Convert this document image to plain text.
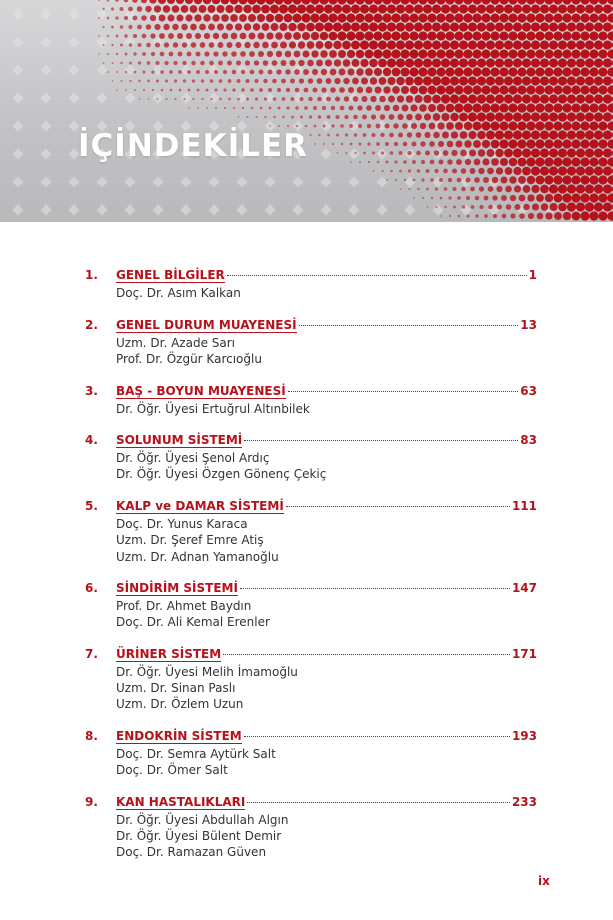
İÇİNDEKİLER
1. GENEL BİLGİLER	1
Doç. Dr. Asım Kalkan
2. GENEL DURUM MUAYENESİ	13
Uzm. Dr. Azade Sarı
Prof. Dr. Özgür Karcıoğlu
3. BAŞ - BOYUN MUAYENESİ	63
Dr. Öğr. Üyesi Ertuğrul Altınbilek
4. SOLUNUM SİSTEMİ	83
Dr. Öğr. Üyesi Şenol Ardıç
Dr. Öğr. Üyesi Özgen Gönenç Çekiç
5. KALP ve DAMAR SİSTEMİ	111
Doç. Dr. Yunus Karaca
Uzm. Dr. Şeref Emre Atiş
Uzm. Dr. Adnan Yamanoğlu
6. SİNDİRİM SİSTEMİ	147
Prof. Dr. Ahmet Baydın
Doç. Dr. Ali Kemal Erenler
7. ÜRİNER SİSTEM	171
Dr. Öğr. Üyesi Melih İmamoğlu
Uzm. Dr. Sinan Paslı
Uzm. Dr. Özlem Uzun
8. ENDOKRİN SİSTEM	193
Doç. Dr. Semra Aytürk Salt
Doç. Dr. Ömer Salt
9. KAN HASTALIKLARI	233
Dr. Öğr. Üyesi Abdullah Algın
Dr. Öğr. Üyesi Bülent Demir
Doç. Dr. Ramazan Güven
ix
